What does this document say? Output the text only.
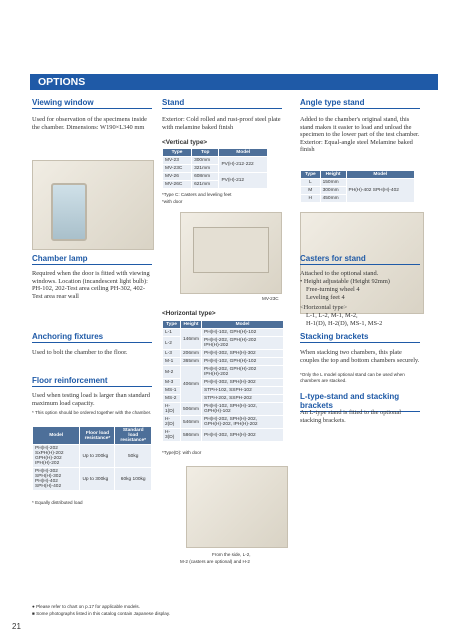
OPTIONS
Viewing window
Used for observation of the specimens inside the chamber. Dimensions: W190×L340 mm
Chamber lamp
Required when the door is fitted with viewing windows. Location (incandescent light bulb): PH-102, 202-Test area ceiling PH-302, 402-Test area rear wall
Anchoring fixtures
Used to bolt the chamber to the floor.
Floor reinforcement
Used when testing load is larger than standard maximum load capacity.
* This option should be ordered together with the chamber.
Model	Floor load resistance*	Standard load resistance*
PH(H)-202 SxPH(H)-202 GPH(H)-202 IPH(H)-202	Up to 200kg	50kg
PH(H)-302 SPH(H)-302 PH(H)-402 SPH(H)-402	Up to 300kg	60kg 100kg
* Equally distributed load
Stand
Exterior: Cold rolled and rust-proof steel plate with melamine baked finish
<Vertical type>
Type	Top	Model
MV-23	300mm	PV(H)-212·222
MV-23C	321mm	
MV-26	608mm	PV(H)-212
MV-26C	621mm	
*Type C: Casters and leveling feet
*with door
MV-23C
<Horizontal type>
Type	Height	Model
L-1	146mm	PH(H)-102, GPH(H)-102
L-2		PH(H)-202, GPH(H)-202 IPH(H)-202
L-3	206mm	PH(H)-302, SPH(H)-302
M-1	365mm	PH(H)-102, GPH(H)-102
M-2	406mm	PH(H)-202, GPH(H)-202 IPH(H)-202
M-3		PH(H)-302, SPH(H)-302
MS-1		STPH-102, SSPH-102
MS-2		STPH-202, SSPH-202
H-1(D)	506mm	PH(H)-102, SPH(H)-102, GPH(H)-102
H-2(D)	546mm	PH(H)-202, SPH(H)-202, GPH(H)-202, IPH(H)-202
H-3(D)	586mm	PH(H)-302, SPH(H)-302
*Type(D): with door
From the side, L-2,
M-2 (casters are optional) and H-2
Angle type stand
Added to the chamber's original stand, this stand makes it easier to load and unload the specimen to the lower part of the test chamber. Exterior: Equal-angle steel Melamine baked finish
Type	Height	Model
L	150mm	PH(H)-402 SPH(H)-402
M	300mm	
H	450mm	
Casters for stand
Attached to the optional stand.
• Height adjustable (Height 92mm)
Free-turning wheel 4
Leveling feet 4
<Horizontal type>
L-1, L-2, M-1, M-2,
H-1(D), H-2(D), MS-1, MS-2
Stacking brackets
When stacking two chambers, this plate couples the top and bottom chambers securely.
*Only the L model optional stand can be used when chambers are stacked.
L-type-stand and stacking brackets
An L-type stand is fitted to the optional stacking brackets.
● Please refer to chart on p.17 for applicable models.
■ Some photographs listed in this catalog contain Japanese display.
21
